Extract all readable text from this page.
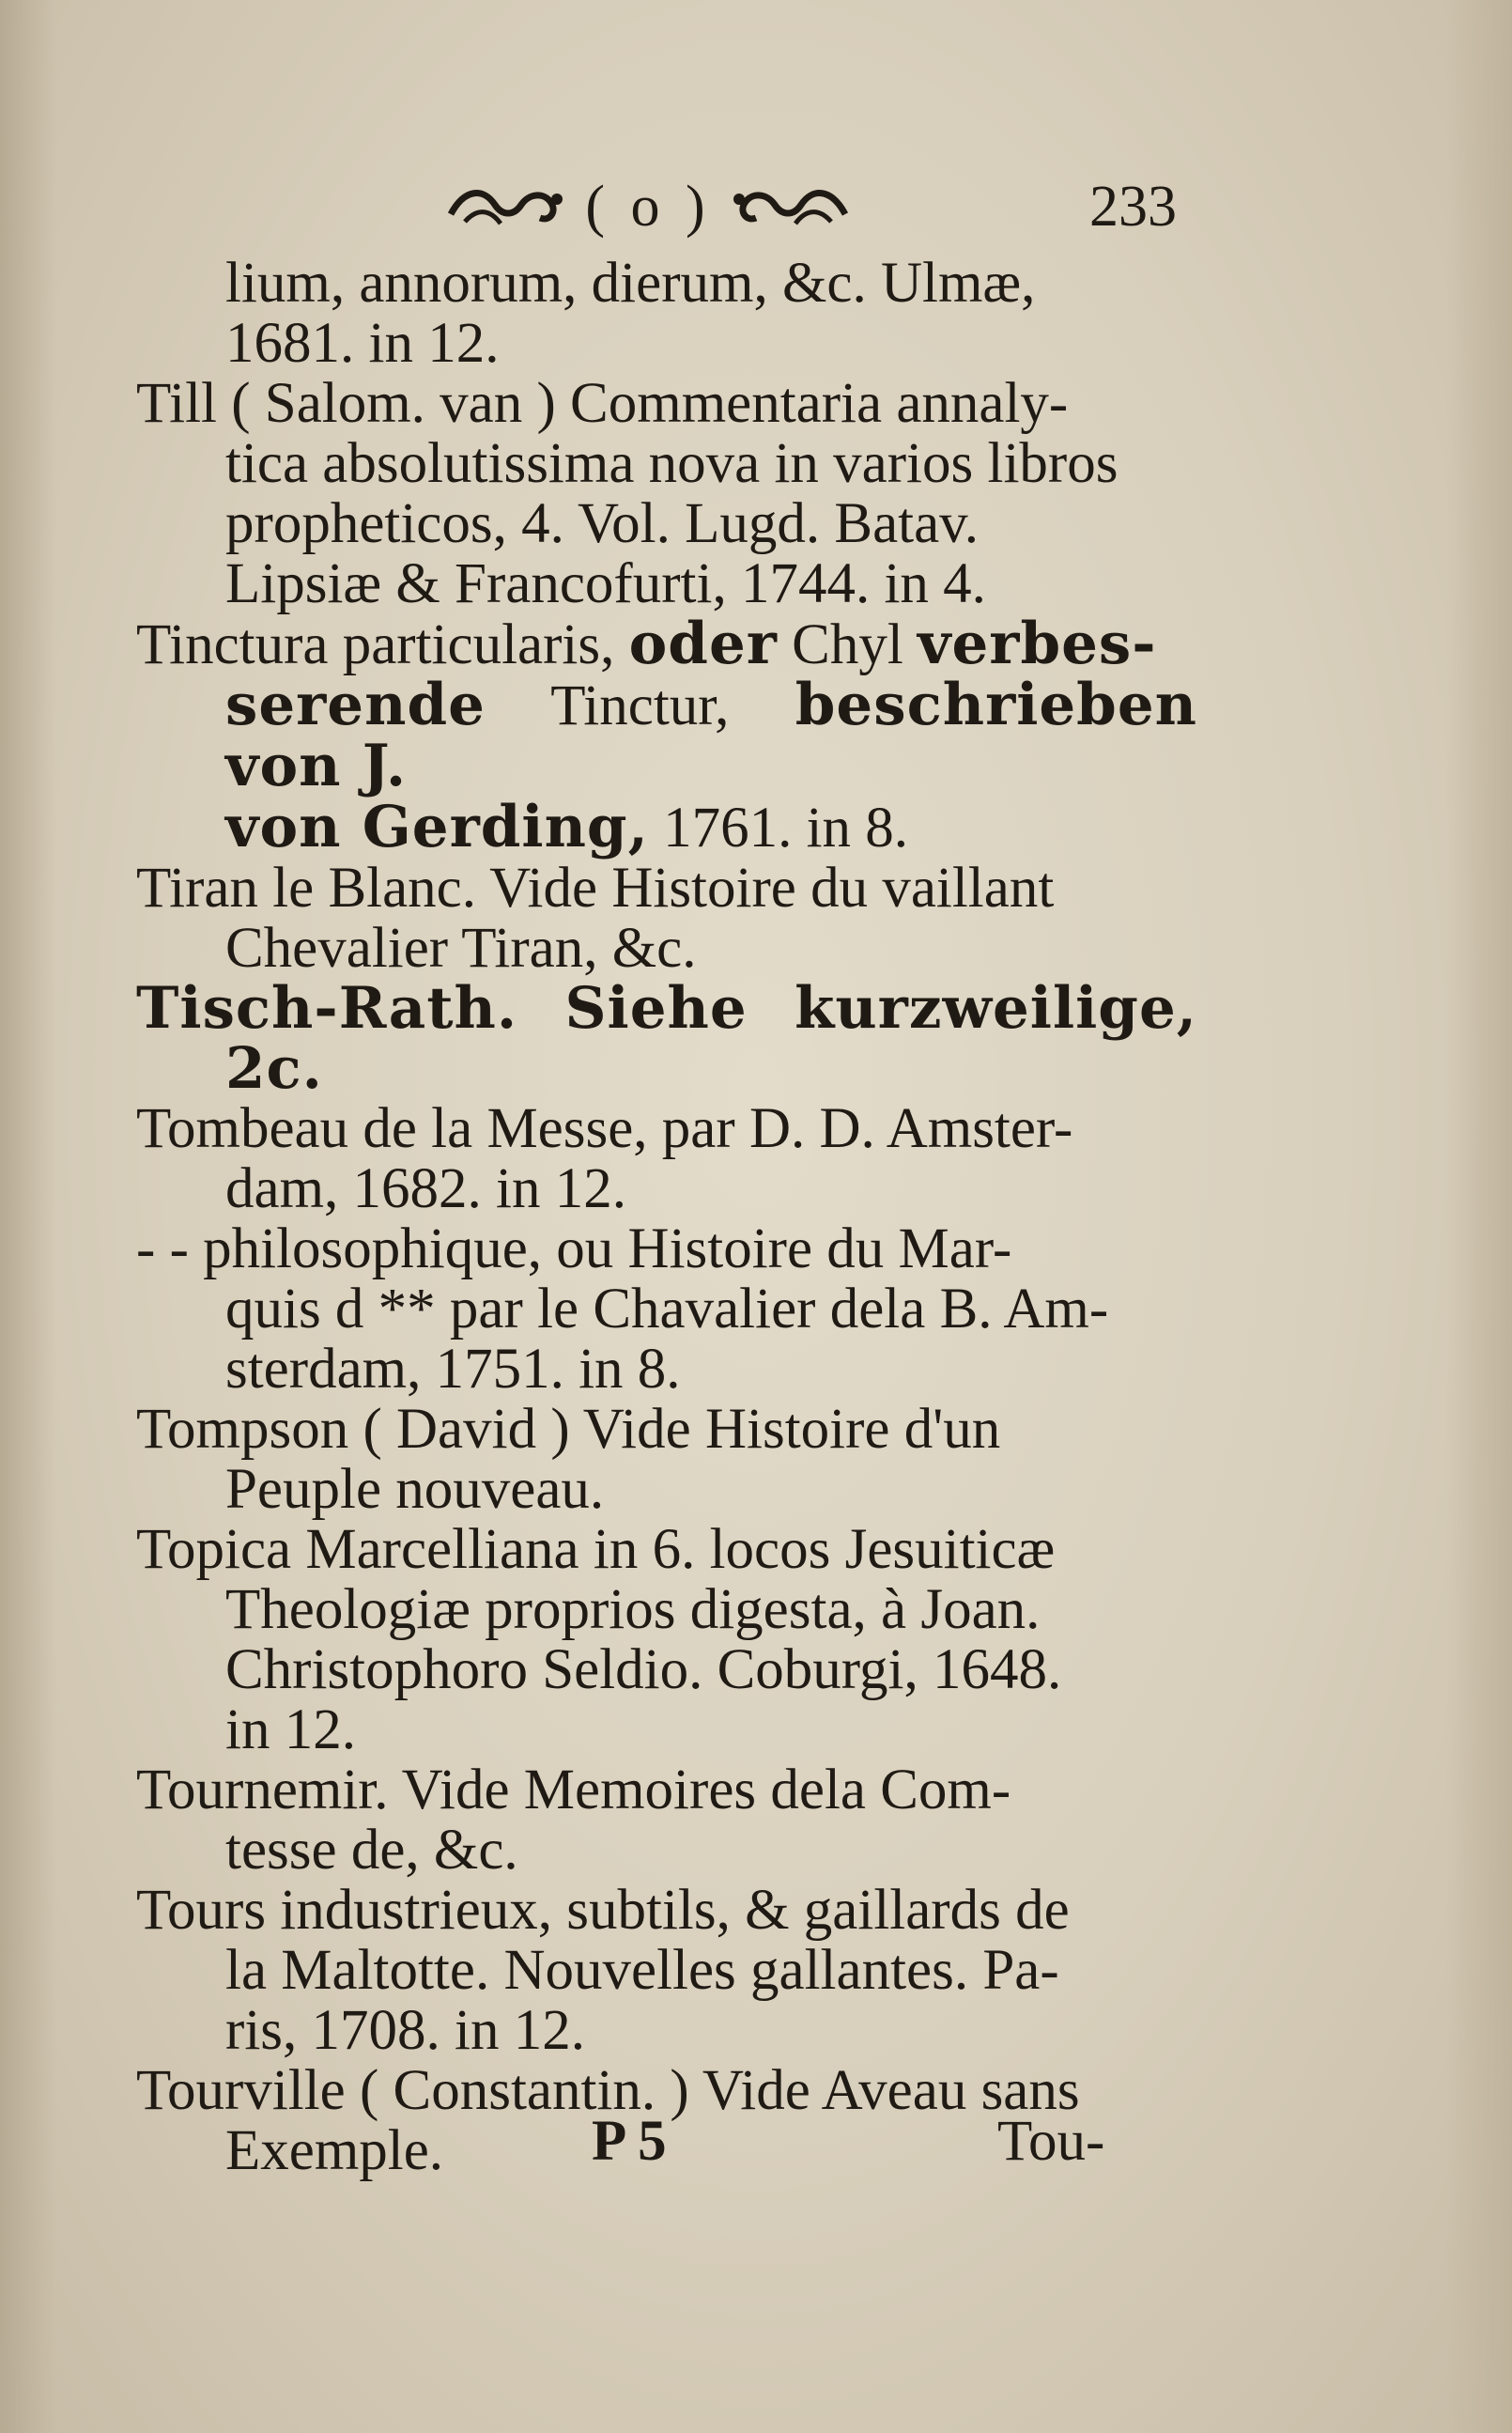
( o )	233
lium, annorum, dierum, &c. Ulmæ,
1681. in 12.
Till ( Salom. van ) Commentaria annaly-
tica absolutissima nova in varios libros
prophеticos, 4. Vol. Lugd. Batav.
Lipsiæ & Francofurti, 1744. in 4.
Tinctura particularis, oder Chyl verbes-
serende Tinctur, beschrieben von J.
von Gerding, 1761. in 8.
Tiran le Blanc. Vide Histoire du vaillant
Chevalier Tiran, &c.
Tisch-Rath. Siehe kurzweilige, 2c.
Tombeau de la Messe, par D. D. Amster-
dam, 1682. in 12.
- - philosophique, ou Histoire du Mar-
quis d ** par le Chavalier dela B. Am-
sterdam, 1751. in 8.
Tompson ( David ) Vide Histoire d'un
Peuple nouveau.
Topica Marcelliana in 6. locos Jesuiticæ
Theologiæ proprios digesta, à Joan.
Christophoro Seldio. Coburgi, 1648.
in 12.
Tournemir. Vide Memoires dela Com-
tesse de, &c.
Tours industrieux, subtils, & gaillards de
la Maltotte. Nouvelles gallantes. Pa-
ris, 1708. in 12.
Tourville ( Constantin. ) Vide Aveau sans
Exemple.	P 5	Tou-
